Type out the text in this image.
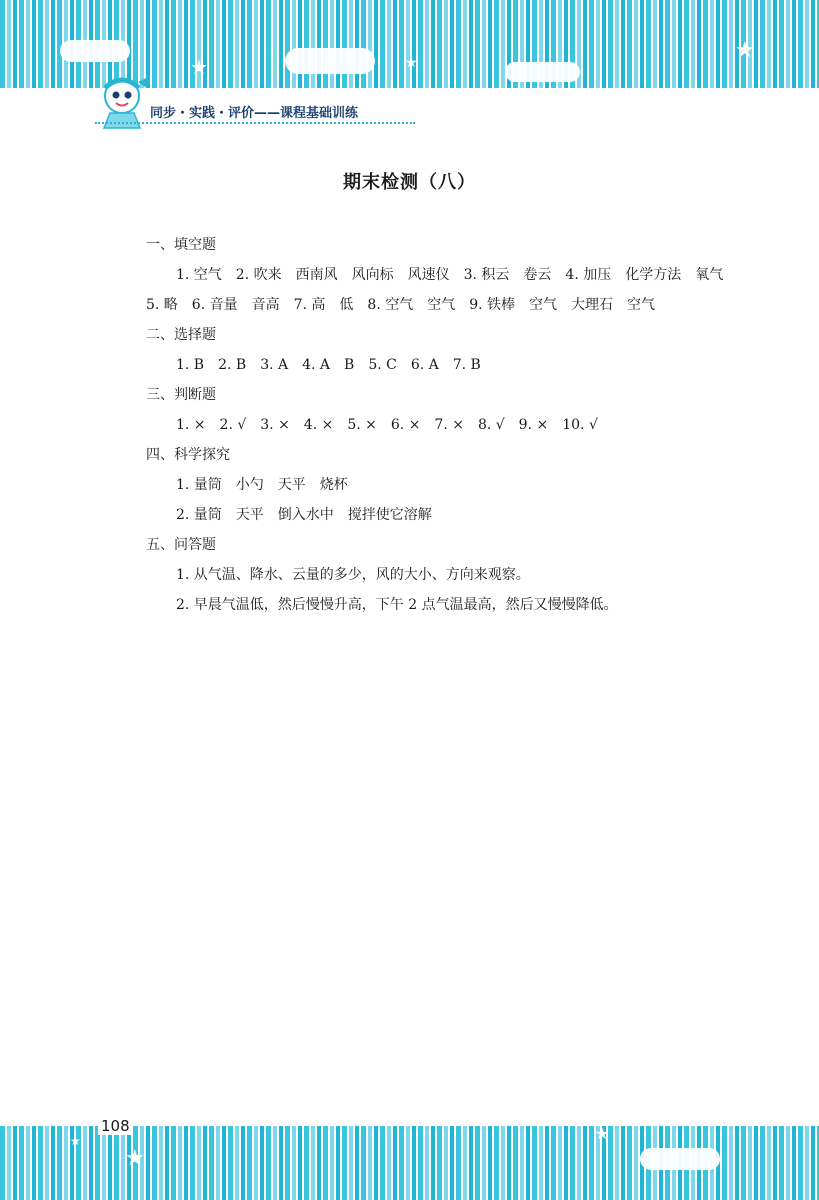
★	★	★
同步・实践・评价——课程基础训练
期末检测（八）

一、填空题

1. 空气　2. 吹来　西南风　风向标　风速仪　3. 积云　卷云　4. 加压　化学方法　氧气　5. 略　6. 音量　音高　7. 高　低　8. 空气　空气　9. 铁棒　空气　大理石　空气

二、选择题

1. B　2. B　3. A　4. A　B　5. C　6. A　7. B

三、判断题

1. ×　2. √　3. ×　4. ×　5. ×　6. ×　7. ×　8. √　9. ×　10. √

四、科学探究

1. 量筒　小勺　天平　烧杯

2. 量筒　天平　倒入水中　搅拌使它溶解

五、问答题

1. 从气温、降水、云量的多少，风的大小、方向来观察。

2. 早晨气温低，然后慢慢升高，下午 2 点气温最高，然后又慢慢降低。

★
★
★
108
